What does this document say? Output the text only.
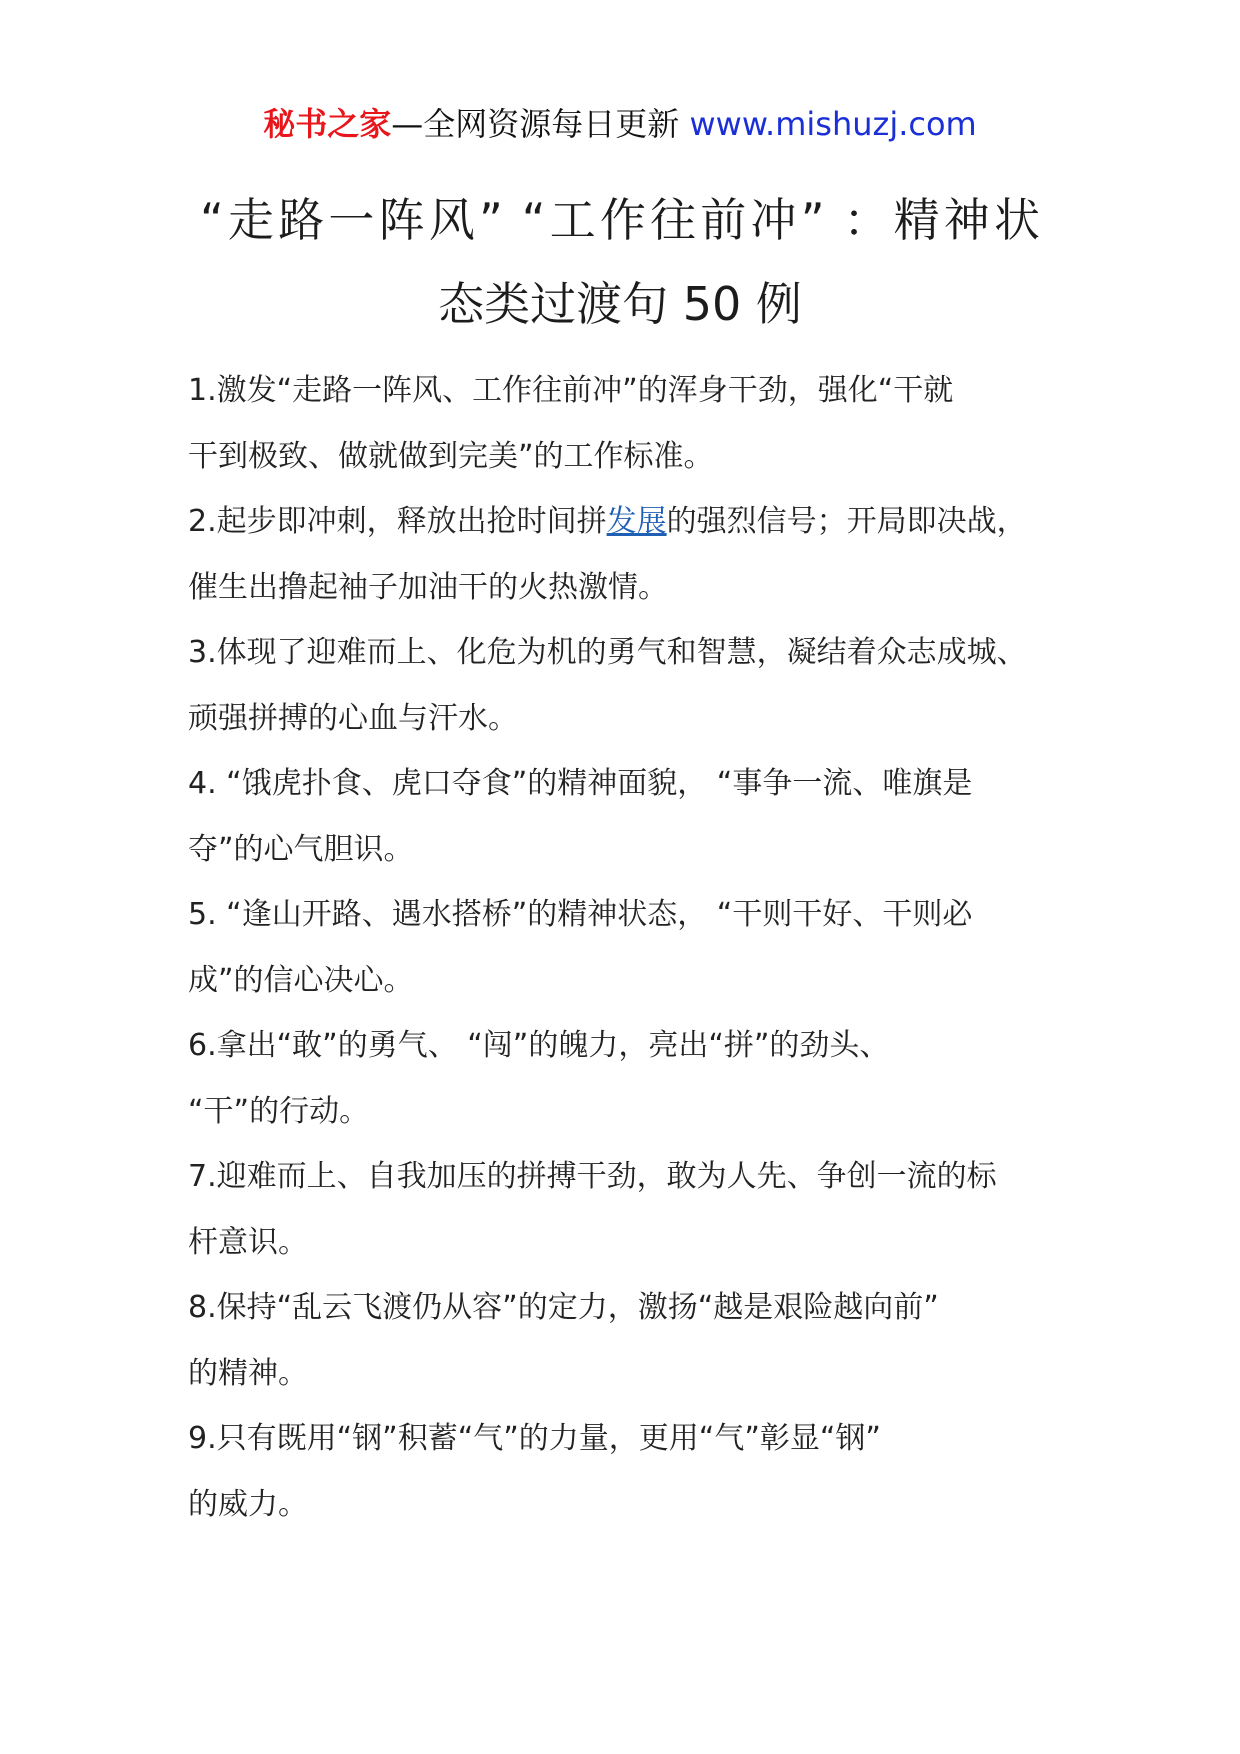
秘书之家—全网资源每日更新 www.mishuzj.com
“走路一阵风” “工作往前冲” ：精神状
态类过渡句 50 例
1.激发“走路一阵风、工作往前冲”的浑身干劲，强化“干就
干到极致、做就做到完美”的工作标准。
2.起步即冲刺，释放出抢时间拼发展的强烈信号；开局即决战，
催生出撸起袖子加油干的火热激情。
3.体现了迎难而上、化危为机的勇气和智慧，凝结着众志成城、
顽强拼搏的心血与汗水。
4. “饿虎扑食、虎口夺食”的精神面貌， “事争一流、唯旗是
夺”的心气胆识。
5. “逢山开路、遇水搭桥”的精神状态， “干则干好、干则必
成”的信心决心。
6.拿出“敢”的勇气、 “闯”的魄力，亮出“拼”的劲头、
“干”的行动。
7.迎难而上、自我加压的拼搏干劲，敢为人先、争创一流的标
杆意识。
8.保持“乱云飞渡仍从容”的定力，激扬“越是艰险越向前”
的精神。
9.只有既用“钢”积蓄“气”的力量，更用“气”彰显“钢”
的威力。
